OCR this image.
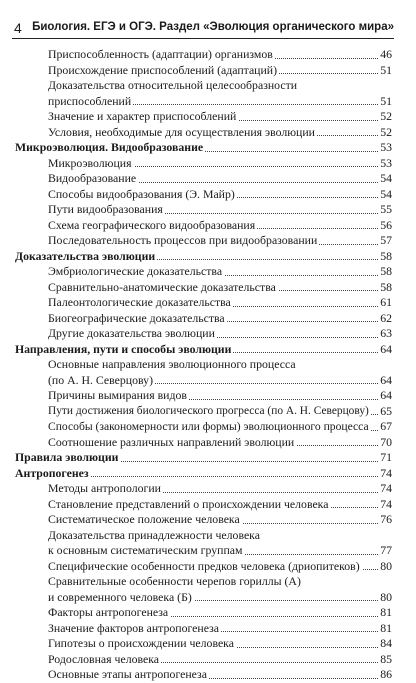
4 Биология. ЕГЭ и ОГЭ. Раздел «Эволюция органического мира»
Приспособленность (адаптации) организмов	46
Происхождение приспособлений (адаптаций)	51
Доказательства относительной целесообразности
приспособлений	51
Значение и характер приспособлений	52
Условия, необходимые для осуществления эволюции	52
Микроэволюция. Видообразование	53
Микроэволюция	53
Видообразование	54
Способы видообразования (Э. Майр)	54
Пути видообразования	55
Схема географического видообразования	56
Последовательность процессов при видообразовании	57
Доказательства эволюции	58
Эмбриологические доказательства	58
Сравнительно-анатомические доказательства	58
Палеонтологические доказательства	61
Биогеографические доказательства	62
Другие доказательства эволюции	63
Направления, пути и способы эволюции	64
Основные направления эволюционного процесса
(по А. Н. Северцову)	64
Причины вымирания видов	64
Пути достижения биологического прогресса (по А. Н. Северцову) 65
Способы (закономерности или формы) эволюционного процесса 67
Соотношение различных направлений эволюции	70
Правила эволюции	71
Антропогенез	74
Методы антропологии	74
Становление представлений о происхождении человека	74
Систематическое положение человека	76
Доказательства принадлежности человека
к основным систематическим группам	77
Специфические особенности предков человека (дриопитеков) 80
Сравнительные особенности черепов гориллы (А)
и современного человека (Б)	80
Факторы антропогенеза	81
Значение факторов антропогенеза	81
Гипотезы о происхождении человека	84
Родословная человека	85
Основные этапы антропогенеза	86
